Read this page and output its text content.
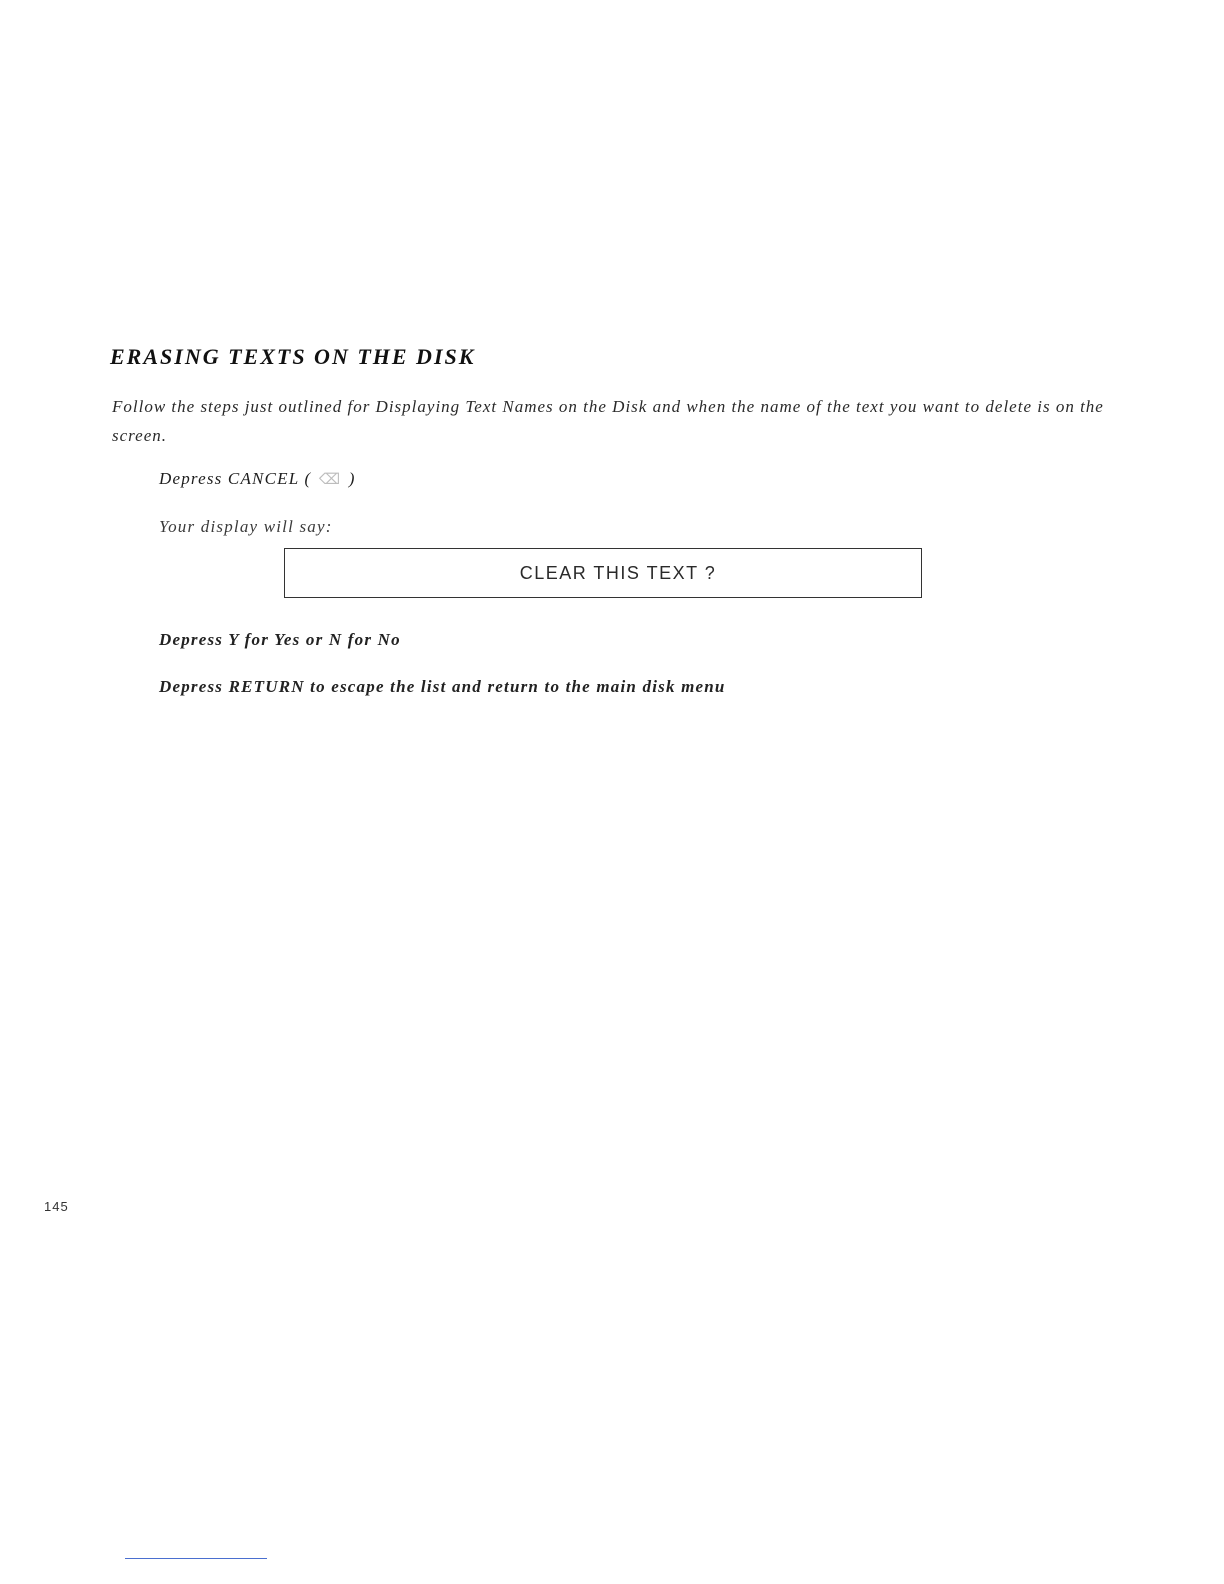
ERASING TEXTS ON THE DISK
Follow the steps just outlined for Displaying Text Names on the Disk and when the name of the text you want to delete is on the screen.
Depress CANCEL ( ⌫ )
Your display will say:
CLEAR THIS TEXT ?
Depress Y for Yes or N for No
Depress RETURN to escape the list and return to the main disk menu
145
